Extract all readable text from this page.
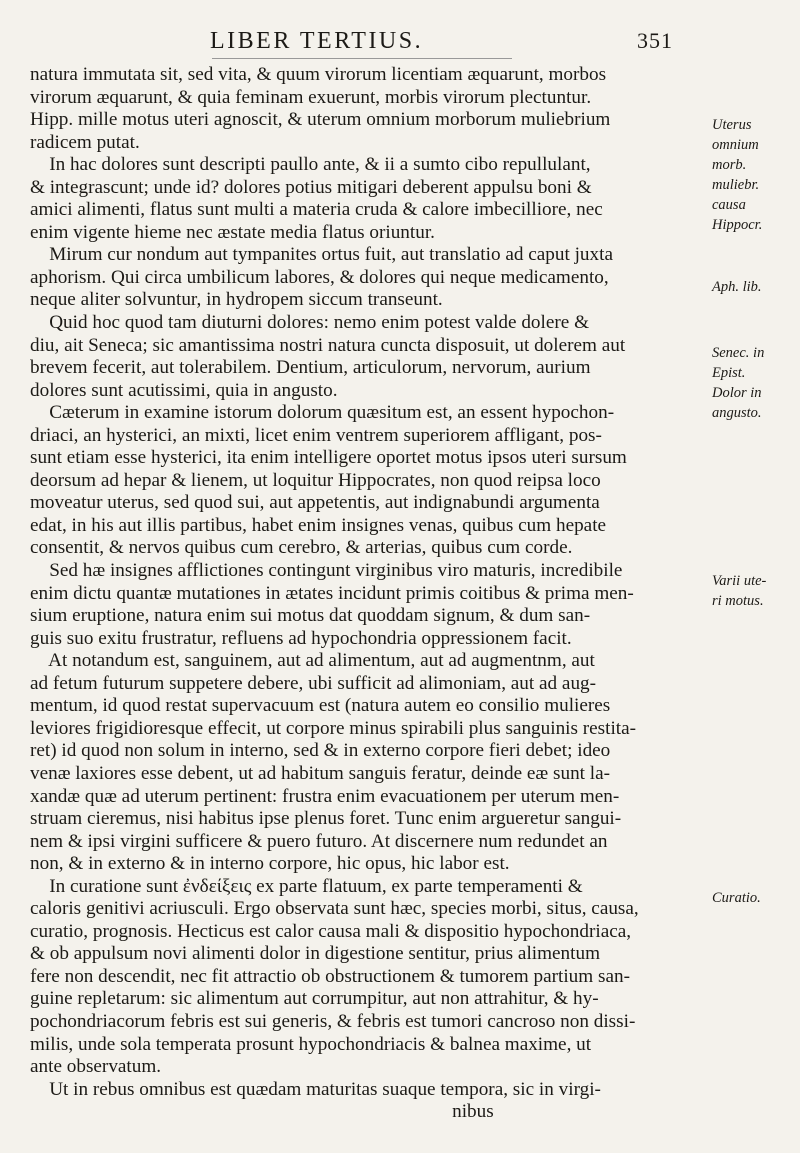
LIBER TERTIUS.	351
natura immutata sit, sed vita, & quum virorum licentiam æquarunt, morbos
virorum æquarunt, & quia feminam exuerunt, morbis virorum plectuntur.
Hipp. mille motus uteri agnoscit, & uterum omnium morborum muliebrium
radicem putat.
In hac dolores sunt descripti paullo ante, & ii a sumto cibo repullulant,
& integrascunt; unde id? dolores potius mitigari deberent appulsu boni &
amici alimenti, flatus sunt multi a materia cruda & calore imbecilliore, nec
enim vigente hieme nec æstate media flatus oriuntur.
Mirum cur nondum aut tympanites ortus fuit, aut translatio ad caput juxta
aphorism. Qui circa umbilicum labores, & dolores qui neque medicamento,
neque aliter solvuntur, in hydropem siccum transeunt.
Quid hoc quod tam diuturni dolores: nemo enim potest valde dolere &
diu, ait Seneca; sic amantissima nostri natura cuncta disposuit, ut dolerem aut
brevem fecerit, aut tolerabilem. Dentium, articulorum, nervorum, aurium
dolores sunt acutissimi, quia in angusto.
Cæterum in examine istorum dolorum quæsitum est, an essent hypochon-
driaci, an hysterici, an mixti, licet enim ventrem superiorem affligant, pos-
sunt etiam esse hysterici, ita enim intelligere oportet motus ipsos uteri sursum
deorsum ad hepar & lienem, ut loquitur Hippocrates, non quod reipsa loco
moveatur uterus, sed quod sui, aut appetentis, aut indignabundi argumenta
edat, in his aut illis partibus, habet enim insignes venas, quibus cum hepate
consentit, & nervos quibus cum cerebro, & arterias, quibus cum corde.
Sed hæ insignes afflictiones contingunt virginibus viro maturis, incredibile
enim dictu quantæ mutationes in ætates incidunt primis coitibus & prima men-
sium eruptione, natura enim sui motus dat quoddam signum, & dum san-
guis suo exitu frustratur, refluens ad hypochondria oppressionem facit.
At notandum est, sanguinem, aut ad alimentum, aut ad augmentnm, aut
ad fetum futurum suppetere debere, ubi sufficit ad alimoniam, aut ad aug-
mentum, id quod restat supervacuum est (natura autem eo consilio mulieres
leviores frigidioresque effecit, ut corpore minus spirabili plus sanguinis restita-
ret) id quod non solum in interno, sed & in externo corpore fieri debet; ideo
venæ laxiores esse debent, ut ad habitum sanguis feratur, deinde eæ sunt la-
xandæ quæ ad uterum pertinent: frustra enim evacuationem per uterum men-
struam cieremus, nisi habitus ipse plenus foret. Tunc enim argueretur sangui-
nem & ipsi virgini sufficere & puero futuro. At discernere num redundet an
non, & in externo & in interno corpore, hic opus, hic labor est.
In curatione sunt ἐνδείξεις ex parte flatuum, ex parte temperamenti &
caloris genitivi acriusculi. Ergo observata sunt hæc, species morbi, situs, causa,
curatio, prognosis. Hecticus est calor causa mali & dispositio hypochondriaca,
& ob appulsum novi alimenti dolor in digestione sentitur, prius alimentum
fere non descendit, nec fit attractio ob obstructionem & tumorem partium san-
guine repletarum: sic alimentum aut corrumpitur, aut non attrahitur, & hy-
pochondriacorum febris est sui generis, & febris est tumori cancroso non dissi-
milis, unde sola temperata prosunt hypochondriacis & balnea maxime, ut
ante observatum.
Ut in rebus omnibus est quædam maturitas suaque tempora, sic in virgi-
nibus
Uterus
omnium
morb.
muliebr.
causa
Hippocr.
Aph. lib.
Senec. in
Epist.
Dolor in
angusto.
Varii ute-
ri motus.
Curatio.
